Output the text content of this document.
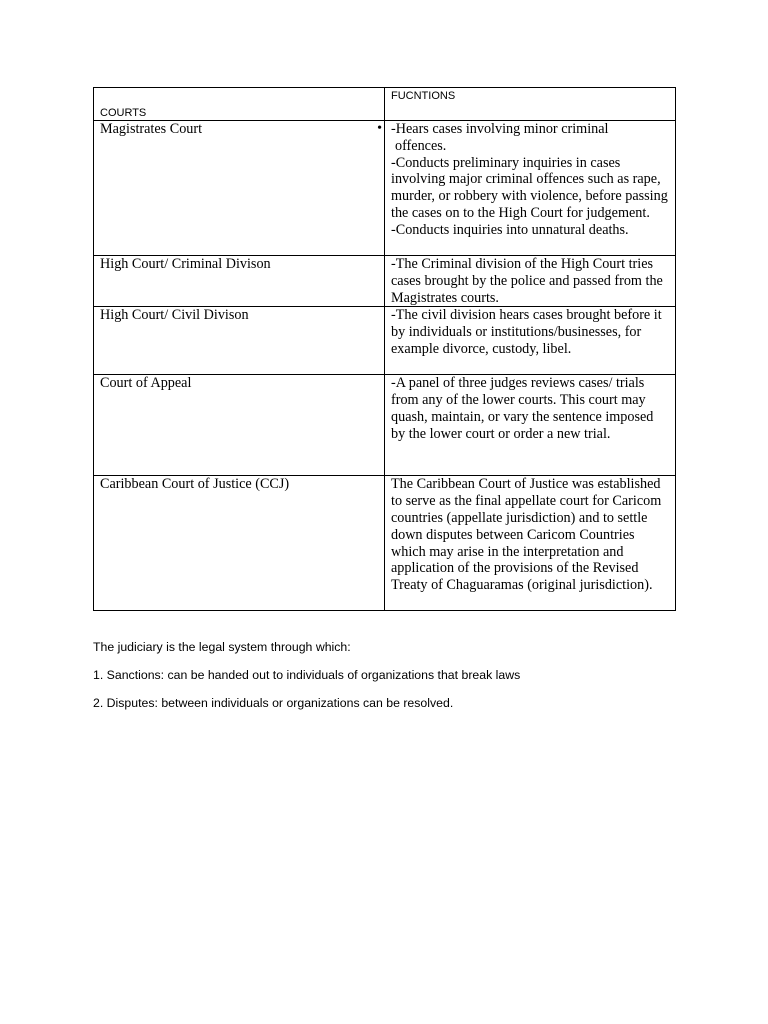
COURTS	FUCNTIONS

Magistrates Court •	-Hears cases involving minor criminal
offences.
-Conducts preliminary inquiries in cases involving major criminal offences such as rape, murder, or robbery with violence, before passing the cases on to the High Court for judgement.
-Conducts inquiries into unnatural deaths.

High Court/ Criminal Divison	-The Criminal division of the High Court tries cases brought by the police and passed from the Magistrates courts.

High Court/ Civil Divison	-The civil division hears cases brought before it by individuals or institutions/businesses, for example divorce, custody, libel.

Court of Appeal	-A panel of three judges reviews cases/ trials from any of the lower courts. This court may quash, maintain, or vary the sentence imposed by the lower court or order a new trial.

Caribbean Court of Justice (CCJ)	The Caribbean Court of Justice was established to serve as the final appellate court for Caricom countries (appellate jurisdiction) and to settle down disputes between Caricom Countries which may arise in the interpretation and application of the provisions of the Revised Treaty of Chaguaramas (original jurisdiction).

The judiciary is the legal system through which:

1. Sanctions: can be handed out to individuals of organizations that break laws

2. Disputes: between individuals or organizations can be resolved.
